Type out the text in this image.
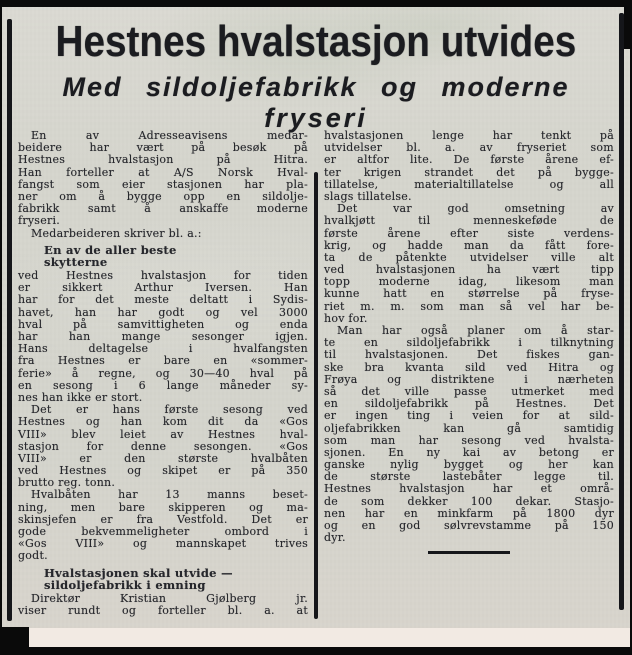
Hestnes hvalstasjon utvides
Med sildoljefabrikk og moderne
fryseri
En av Adresseavisens medar-
beidere har vært på besøk på
Hestnes hvalstasjon på Hitra.
Han forteller at A/S Norsk Hval-
fangst som eier stasjonen har pla-
ner om å bygge opp en sildolje-
fabrikk samt å anskaffe moderne
fryseri.
Medarbeideren skriver bl. a.:
En av de aller beste
skytterne
ved Hestnes hvalstasjon for tiden
er sikkert Arthur Iversen. Han
har for det meste deltatt i Sydis-
havet, han har godt og vel 3000
hval på samvittigheten og enda
har han mange sesonger igjen.
Hans deltagelse i hvalfangsten
fra Hestnes er bare en «sommer-
ferie» å regne, og 30—40 hval på
en sesong i 6 lange måneder sy-
nes han ikke er stort.
Det er hans første sesong ved
Hestnes og han kom dit da «Gos
VIII» blev leiet av Hestnes hval-
stasjon for denne sesongen. «Gos
VIII» er den største hvalbåten
ved Hestnes og skipet er på 350
brutto reg. tonn.
Hvalbåten har 13 manns beset-
ning, men bare skipperen og ma-
skinsjefen er fra Vestfold. Det er
gode bekvemmeligheter ombord i
«Gos VIII» og mannskapet trives
godt.
Hvalstasjonen skal utvide —
sildoljefabrikk i emning
Direktør Kristian Gjølberg jr.
viser rundt og forteller bl. a. at
hvalstasjonen lenge har tenkt på
utvidelser bl. a. av fryseriet som
er altfor lite. De første årene ef-
ter krigen strandet det på bygge-
tillatelse, materialtillatelse og all
slags tillatelse.
Det var god omsetning av
hvalkjøtt til menneskeføde de
første årene efter siste verdens-
krig, og hadde man da fått fore-
ta de påtenkte utvidelser ville alt
ved hvalstasjonen ha vært tipp
topp moderne idag, likesom man
kunne hatt en størrelse på fryse-
riet m. m. som man så vel har be-
hov for.
Man har også planer om å star-
te en sildoljefabrikk i tilknytning
til hvalstasjonen. Det fiskes gan-
ske bra kvanta sild ved Hitra og
Frøya og distriktene i nærheten
så det ville passe utmerket med
en sildoljefabrikk på Hestnes. Det
er ingen ting i veien for at sild-
oljefabrikken kan gå samtidig
som man har sesong ved hvalsta-
sjonen. En ny kai av betong er
ganske nylig bygget og her kan
de største lastebåter legge til.
Hestnes hvalstasjon har et områ-
de som dekker 100 dekar. Stasjo-
nen har en minkfarm på 1800 dyr
og en god sølvrevstamme på 150
dyr.
